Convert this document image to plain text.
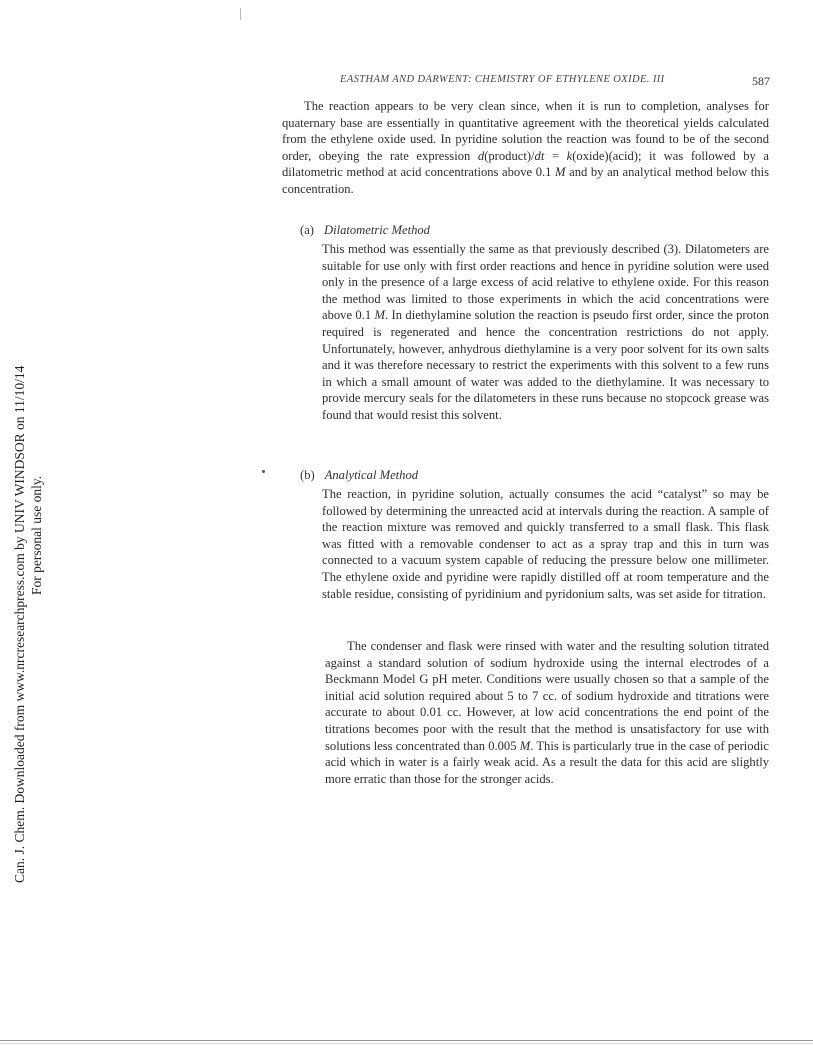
Can. J. Chem. Downloaded from www.nrcresearchpress.com by UNIV WINDSOR on 11/10/14 For personal use only.
EASTHAM AND DARWENT: CHEMISTRY OF ETHYLENE OXIDE. III	587

The reaction appears to be very clean since, when it is run to completion, analyses for quaternary base are essentially in quantitative agreement with the theoretical yields calculated from the ethylene oxide used. In pyridine solution the reaction was found to be of the second order, obeying the rate expression d(product)/dt = k(oxide)(acid); it was followed by a dilatometric method at acid concentrations above 0.1 M and by an analytical method below this concentration.

(a) Dilatometric Method

This method was essentially the same as that previously described (3). Dilatometers are suitable for use only with first order reactions and hence in pyridine solution were used only in the presence of a large excess of acid relative to ethylene oxide. For this reason the method was limited to those experiments in which the acid concentrations were above 0.1 M. In diethylamine solution the reaction is pseudo first order, since the proton required is regenerated and hence the concentration restrictions do not apply. Unfortunately, however, anhydrous diethylamine is a very poor solvent for its own salts and it was therefore necessary to restrict the experiments with this solvent to a few runs in which a small amount of water was added to the diethylamine. It was necessary to provide mercury seals for the dilatometers in these runs because no stopcock grease was found that would resist this solvent.

(b) Analytical Method

The reaction, in pyridine solution, actually consumes the acid “catalyst” so may be followed by determining the unreacted acid at intervals during the reaction. A sample of the reaction mixture was removed and quickly transferred to a small flask. This flask was fitted with a removable condenser to act as a spray trap and this in turn was connected to a vacuum system capable of reducing the pressure below one millimeter. The ethylene oxide and pyridine were rapidly distilled off at room temperature and the stable residue, consisting of pyridinium and pyridonium salts, was set aside for titration.

The condenser and flask were rinsed with water and the resulting solution titrated against a standard solution of sodium hydroxide using the internal electrodes of a Beckmann Model G pH meter. Conditions were usually chosen so that a sample of the initial acid solution required about 5 to 7 cc. of sodium hydroxide and titrations were accurate to about 0.01 cc. However, at low acid concentrations the end point of the titrations becomes poor with the result that the method is unsatisfactory for use with solutions less concentrated than 0.005 M. This is particularly true in the case of periodic acid which in water is a fairly weak acid. As a result the data for this acid are slightly more erratic than those for the stronger acids.
